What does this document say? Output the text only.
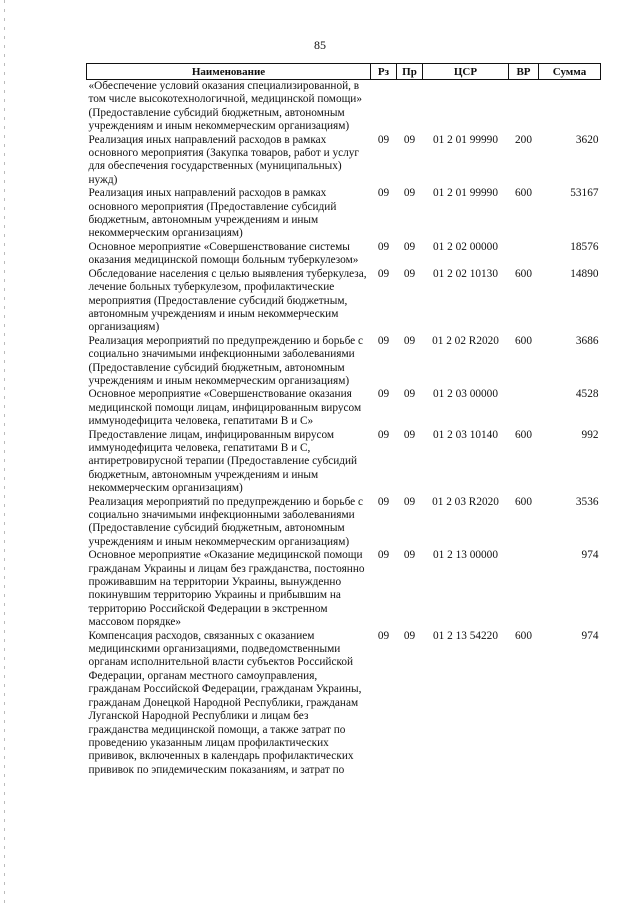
85
Наименование	Рз	Пр	ЦСР	ВР	Сумма
«Обеспечение условий оказания специализированной, в том числе высокотехнологичной, медицинской помощи» (Предоставление субсидий бюджетным, автономным учреждениям и иным некоммерческим организациям)					
Реализация иных направлений расходов в рамках основного мероприятия (Закупка товаров, работ и услуг для обеспечения государственных (муниципальных) нужд)	09	09	01 2 01 99990	200	3620
Реализация иных направлений расходов в рамках основного мероприятия (Предоставление субсидий бюджетным, автономным учреждениям и иным некоммерческим организациям)	09	09	01 2 01 99990	600	53167
Основное мероприятие «Совершенствование системы оказания медицинской помощи больным туберкулезом»	09	09	01 2 02 00000		18576
Обследование населения с целью выявления туберкулеза, лечение больных туберкулезом, профилактические мероприятия (Предоставление субсидий бюджетным, автономным учреждениям и иным некоммерческим организациям)	09	09	01 2 02 10130	600	14890
Реализация мероприятий по предупреждению и борьбе с социально значимыми инфекционными заболеваниями (Предоставление субсидий бюджетным, автономным учреждениям и иным некоммерческим организациям)	09	09	01 2 02 R2020	600	3686
Основное мероприятие «Совершенствование оказания медицинской помощи лицам, инфицированным вирусом иммунодефицита человека, гепатитами В и С»	09	09	01 2 03 00000		4528
Предоставление лицам, инфицированным вирусом иммунодефицита человека, гепатитами В и С, антиретровирусной терапии (Предоставление субсидий бюджетным, автономным учреждениям и иным некоммерческим организациям)	09	09	01 2 03 10140	600	992
Реализация мероприятий по предупреждению и борьбе с социально значимыми инфекционными заболеваниями (Предоставление субсидий бюджетным, автономным учреждениям и иным некоммерческим организациям)	09	09	01 2 03 R2020	600	3536
Основное мероприятие «Оказание медицинской помощи гражданам Украины и лицам без гражданства, постоянно проживавшим на территории Украины, вынужденно покинувшим территорию Украины и прибывшим на территорию Российской Федерации в экстренном массовом порядке»	09	09	01 2 13 00000		974
Компенсация расходов, связанных с оказанием медицинскими организациями, подведомственными органам исполнительной власти субъектов Российской Федерации, органам местного самоуправления, гражданам Российской Федерации, гражданам Украины, гражданам Донецкой Народной Республики, гражданам Луганской Народной Республики и лицам без гражданства медицинской помощи, а также затрат по проведению указанным лицам профилактических прививок, включенных в календарь профилактических прививок по эпидемическим показаниям, и затрат по	09	09	01 2 13 54220	600	974
